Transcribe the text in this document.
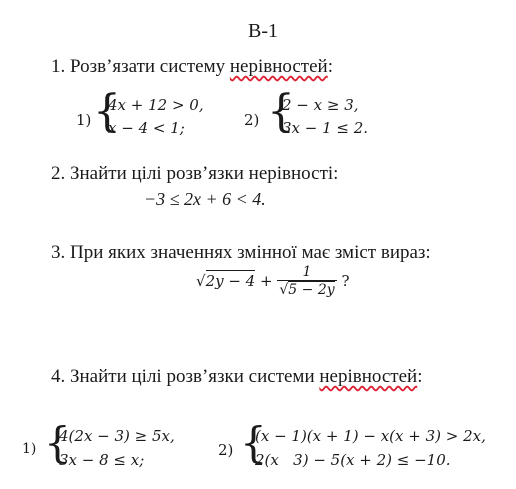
В-1
1. Розв’язати систему нерівностей:
1) {
4x + 12 > 0,
x − 4 < 1;	2) {
2 − x ≥ 3,
3x − 1 ≤ 2.
2. Знайти цілі розв’язки нерівності:
−3 ≤ 2x + 6 < 4.
3. При яких значеннях змінної має зміст вираз:
$√2y - 4 + \frac{1}{√5 - 2y}$ ?
4. Знайти цілі розв’язки системи нерівностей:
1) {
4(2x − 3) ≥ 5x,
3x − 8 ≤ x;
2) {
(x − 1)(x + 1) − x(x + 3) > 2x,
2(x   3) − 5(x + 2) ≤ −10.
